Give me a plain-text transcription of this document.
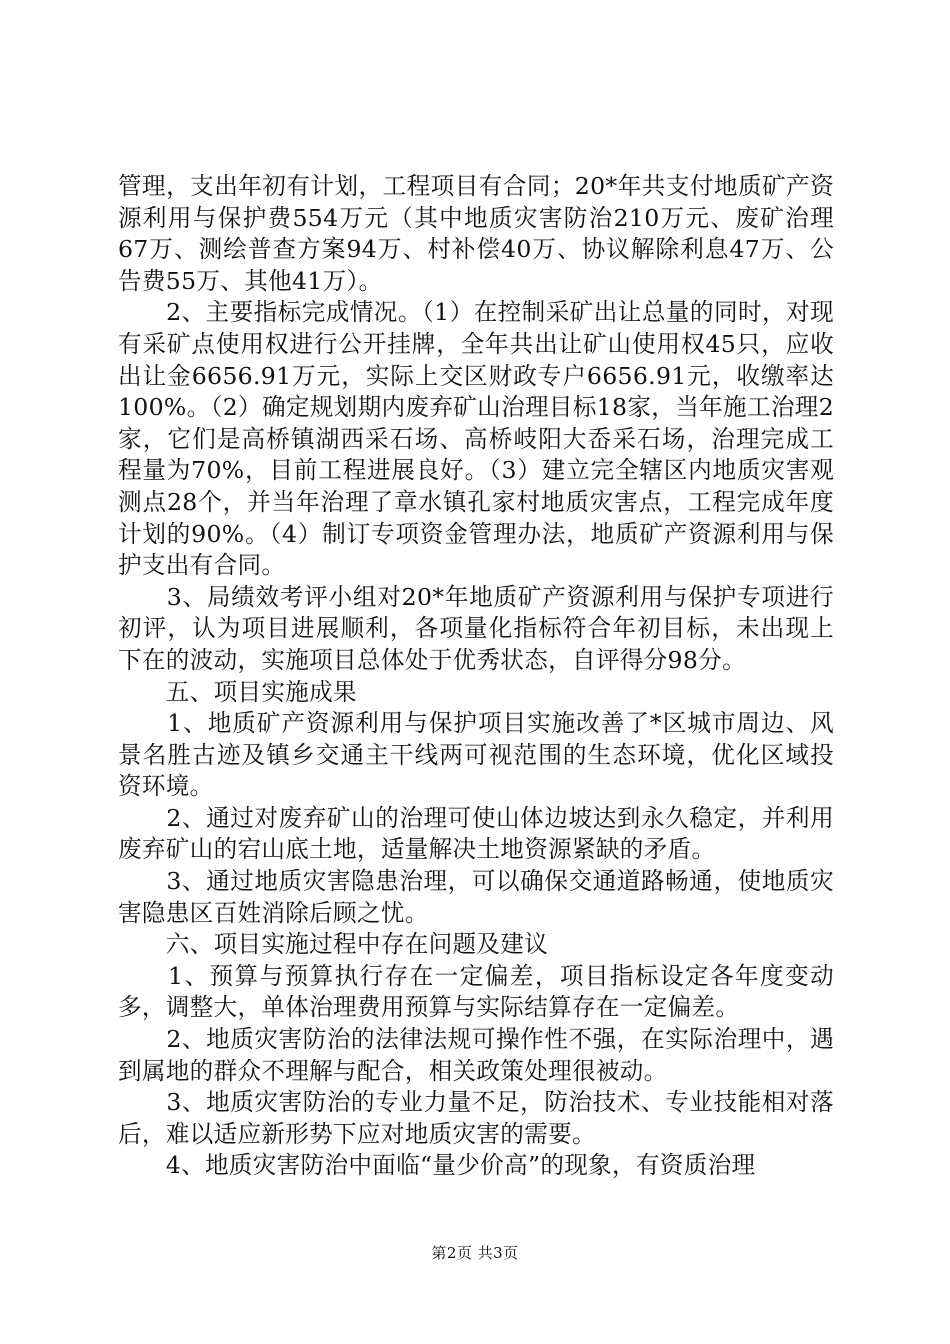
管理，支出年初有计划，工程项目有合同；20*年共支付地质矿产资源利用与保护费554万元（其中地质灾害防治210万元、废矿治理67万、测绘普查方案94万、村补偿40万、协议解除利息47万、公告费55万、其他41万）。

　　2、主要指标完成情况。（1）在控制采矿出让总量的同时，对现有采矿点使用权进行公开挂牌，全年共出让矿山使用权45只，应收出让金6656.91万元，实际上交区财政专户6656.91元，收缴率达100%。（2）确定规划期内废弃矿山治理目标18家，当年施工治理2家，它们是高桥镇湖西采石场、高桥岐阳大岙采石场，治理完成工程量为70%，目前工程进展良好。（3）建立完全辖区内地质灾害观测点28个，并当年治理了章水镇孔家村地质灾害点，工程完成年度计划的90%。（4）制订专项资金管理办法，地质矿产资源利用与保护支出有合同。

　　3、局绩效考评小组对20*年地质矿产资源利用与保护专项进行初评，认为项目进展顺利，各项量化指标符合年初目标，未出现上下在的波动，实施项目总体处于优秀状态，自评得分98分。

　　五、项目实施成果

　　1、地质矿产资源利用与保护项目实施改善了*区城市周边、风景名胜古迹及镇乡交通主干线两可视范围的生态环境，优化区域投资环境。

　　2、通过对废弃矿山的治理可使山体边坡达到永久稳定，并利用废弃矿山的宕山底土地，适量解决土地资源紧缺的矛盾。

　　3、通过地质灾害隐患治理，可以确保交通道路畅通，使地质灾害隐患区百姓消除后顾之忧。

　　六、项目实施过程中存在问题及建议

　　1、预算与预算执行存在一定偏差，项目指标设定各年度变动多，调整大，单体治理费用预算与实际结算存在一定偏差。

　　2、地质灾害防治的法律法规可操作性不强，在实际治理中，遇到属地的群众不理解与配合，相关政策处理很被动。

　　3、地质灾害防治的专业力量不足，防治技术、专业技能相对落后，难以适应新形势下应对地质灾害的需要。

　　4、地质灾害防治中面临“量少价高”的现象，有资质治理

第2页 共3页
